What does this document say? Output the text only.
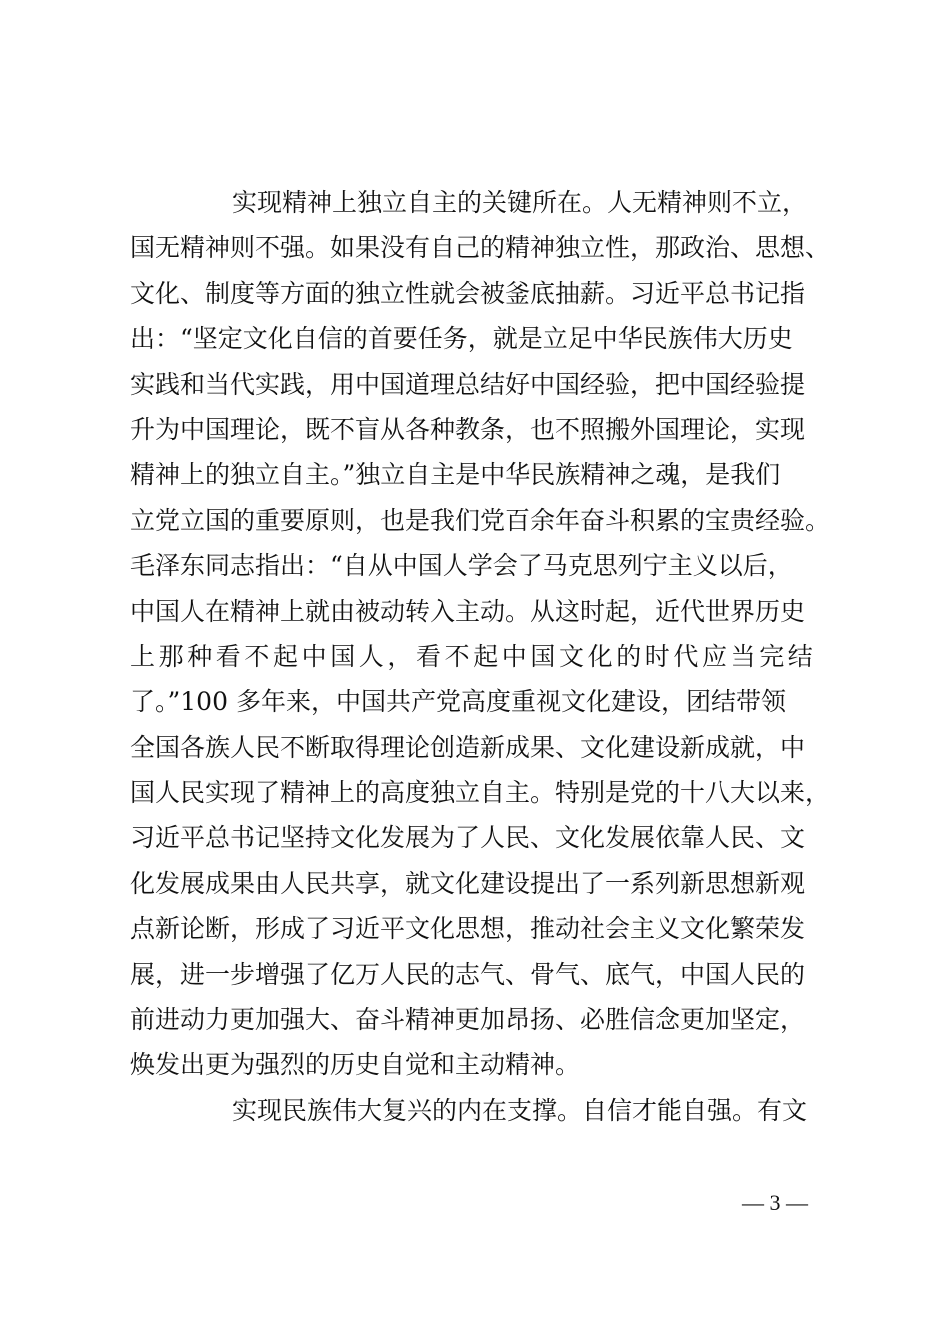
实现精神上独立自主的关键所在。人无精神则不立，
国无精神则不强。如果没有自己的精神独立性，那政治、思想、
文化、制度等方面的独立性就会被釜底抽薪。习近平总书记指
出：“坚定文化自信的首要任务，就是立足中华民族伟大历史
实践和当代实践，用中国道理总结好中国经验，把中国经验提
升为中国理论，既不盲从各种教条，也不照搬外国理论，实现
精神上的独立自主。”独立自主是中华民族精神之魂，是我们
立党立国的重要原则，也是我们党百余年奋斗积累的宝贵经验。
毛泽东同志指出：“自从中国人学会了马克思列宁主义以后，
中国人在精神上就由被动转入主动。从这时起，近代世界历史
上那种看不起中国人，看不起中国文化的时代应当完结
了。”100 多年来，中国共产党高度重视文化建设，团结带领
全国各族人民不断取得理论创造新成果、文化建设新成就，中
国人民实现了精神上的高度独立自主。特别是党的十八大以来，
习近平总书记坚持文化发展为了人民、文化发展依靠人民、文
化发展成果由人民共享，就文化建设提出了一系列新思想新观
点新论断，形成了习近平文化思想，推动社会主义文化繁荣发
展，进一步增强了亿万人民的志气、骨气、底气，中国人民的
前进动力更加强大、奋斗精神更加昂扬、必胜信念更加坚定，
焕发出更为强烈的历史自觉和主动精神。
实现民族伟大复兴的内在支撑。自信才能自强。有文
— 3 —
